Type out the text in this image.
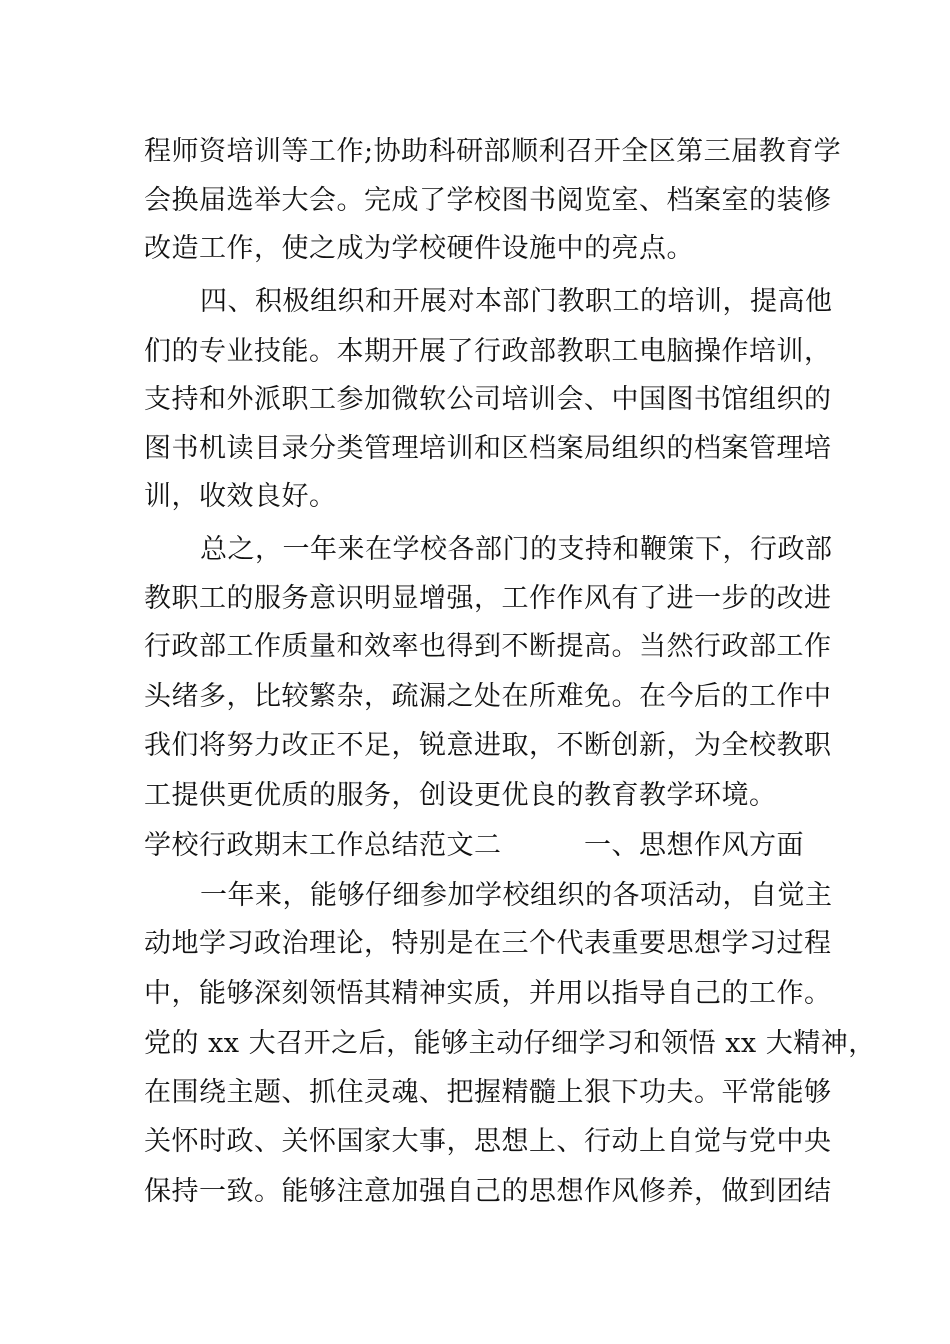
程师资培训等工作;协助科研部顺利召开全区第三届教育学
会换届选举大会。完成了学校图书阅览室、档案室的装修
改造工作，使之成为学校硬件设施中的亮点。
四、积极组织和开展对本部门教职工的培训，提高他
们的专业技能。本期开展了行政部教职工电脑操作培训，
支持和外派职工参加微软公司培训会、中国图书馆组织的
图书机读目录分类管理培训和区档案局组织的档案管理培
训，收效良好。
总之，一年来在学校各部门的支持和鞭策下，行政部
教职工的服务意识明显增强，工作作风有了进一步的改进
行政部工作质量和效率也得到不断提高。当然行政部工作
头绪多，比较繁杂，疏漏之处在所难免。在今后的工作中
我们将努力改正不足，锐意进取，不断创新，为全校教职
工提供更优质的服务，创设更优良的教育教学环境。
学校行政期末工作总结范文二　　　一、思想作风方面
一年来，能够仔细参加学校组织的各项活动，自觉主
动地学习政治理论，特别是在三个代表重要思想学习过程
中，能够深刻领悟其精神实质，并用以指导自己的工作。
党的 xx 大召开之后，能够主动仔细学习和领悟 xx 大精神，
在围绕主题、抓住灵魂、把握精髓上狠下功夫。平常能够
关怀时政、关怀国家大事，思想上、行动上自觉与党中央
保持一致。能够注意加强自己的思想作风修养，做到团结
